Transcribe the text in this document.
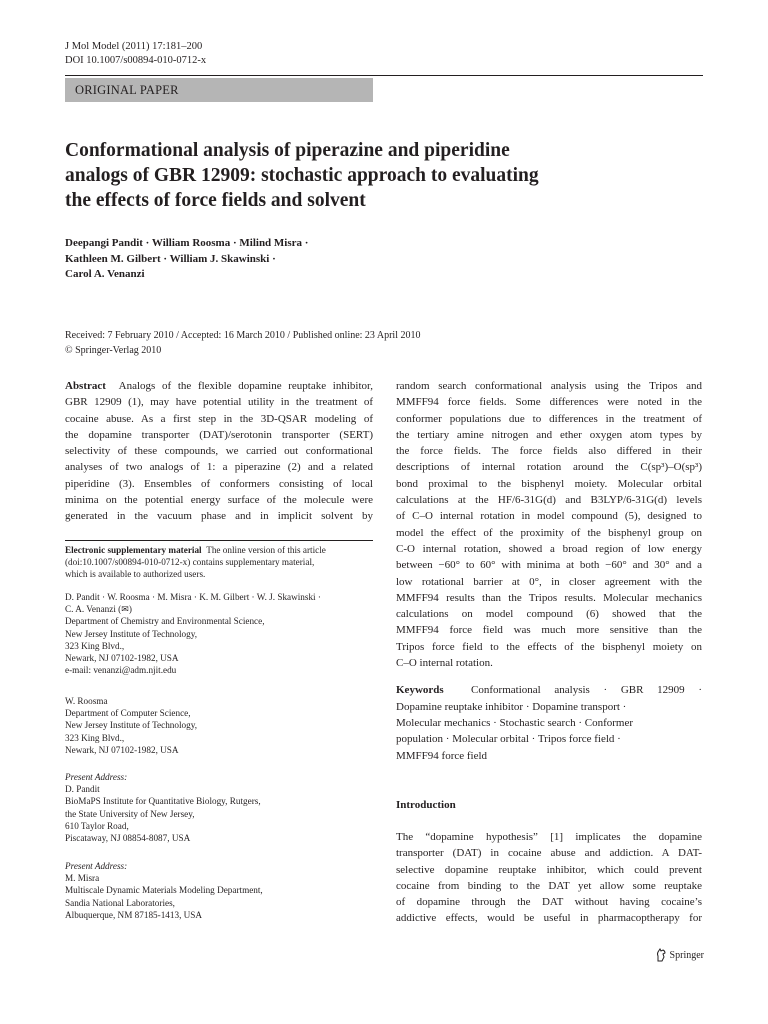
J Mol Model (2011) 17:181–200
DOI 10.1007/s00894-010-0712-x
ORIGINAL PAPER
Conformational analysis of piperazine and piperidine
analogs of GBR 12909: stochastic approach to evaluating
the effects of force fields and solvent
Deepangi Pandit · William Roosma · Milind Misra ·
Kathleen M. Gilbert · William J. Skawinski ·
Carol A. Venanzi
Received: 7 February 2010 / Accepted: 16 March 2010 / Published online: 23 April 2010
© Springer-Verlag 2010
Abstract Analogs of the flexible dopamine reuptake inhibitor,
GBR 12909 (1), may have potential utility in the treatment of
cocaine abuse. As a first step in the 3D-QSAR modeling of
the dopamine transporter (DAT)/serotonin transporter (SERT)
selectivity of these compounds, we carried out conformational
analyses of two analogs of 1: a piperazine (2) and a related
piperidine (3). Ensembles of conformers consisting of local
minima on the potential energy surface of the molecule were
generated in the vacuum phase and in implicit solvent by
Electronic supplementary material The online version of this article
(doi:10.1007/s00894-010-0712-x) contains supplementary material,
which is available to authorized users.
D. Pandit · W. Roosma · M. Misra · K. M. Gilbert · W. J. Skawinski ·
C. A. Venanzi (✉)
Department of Chemistry and Environmental Science,
New Jersey Institute of Technology,
323 King Blvd.,
Newark, NJ 07102-1982, USA
e-mail: venanzi@adm.njit.edu
W. Roosma
Department of Computer Science,
New Jersey Institute of Technology,
323 King Blvd.,
Newark, NJ 07102-1982, USA
Present Address:
D. Pandit
BioMaPS Institute for Quantitative Biology, Rutgers,
the State University of New Jersey,
610 Taylor Road,
Piscataway, NJ 08854-8087, USA
Present Address:
M. Misra
Multiscale Dynamic Materials Modeling Department,
Sandia National Laboratories,
Albuquerque, NM 87185-1413, USA
random search conformational analysis using the Tripos and
MMFF94 force fields. Some differences were noted in the
conformer populations due to differences in the treatment of
the tertiary amine nitrogen and ether oxygen atom types by
the force fields. The force fields also differed in their
descriptions of internal rotation around the C(sp³)–O(sp³)
bond proximal to the bisphenyl moiety. Molecular orbital
calculations at the HF/6-31G(d) and B3LYP/6-31G(d) levels
of C–O internal rotation in model compound (5), designed to
model the effect of the proximity of the bisphenyl group on
C-O internal rotation, showed a broad region of low energy
between −60° to 60° with minima at both −60° and 30° and a
low rotational barrier at 0°, in closer agreement with the
MMFF94 results than the Tripos results. Molecular mechanics
calculations on model compound (6) showed that the
MMFF94 force field was much more sensitive than the
Tripos force field to the effects of the bisphenyl moiety on
C–O internal rotation.
Keywords Conformational analysis · GBR 12909 ·
Dopamine reuptake inhibitor · Dopamine transport ·
Molecular mechanics · Stochastic search · Conformer
population · Molecular orbital · Tripos force field ·
MMFF94 force field
Introduction
The “dopamine hypothesis” [1] implicates the dopamine
transporter (DAT) in cocaine abuse and addiction. A DAT-
selective dopamine reuptake inhibitor, which could prevent
cocaine from binding to the DAT yet allow some reuptake
of dopamine through the DAT without having cocaine’s
addictive effects, would be useful in pharmacoptherapy for
Springer
